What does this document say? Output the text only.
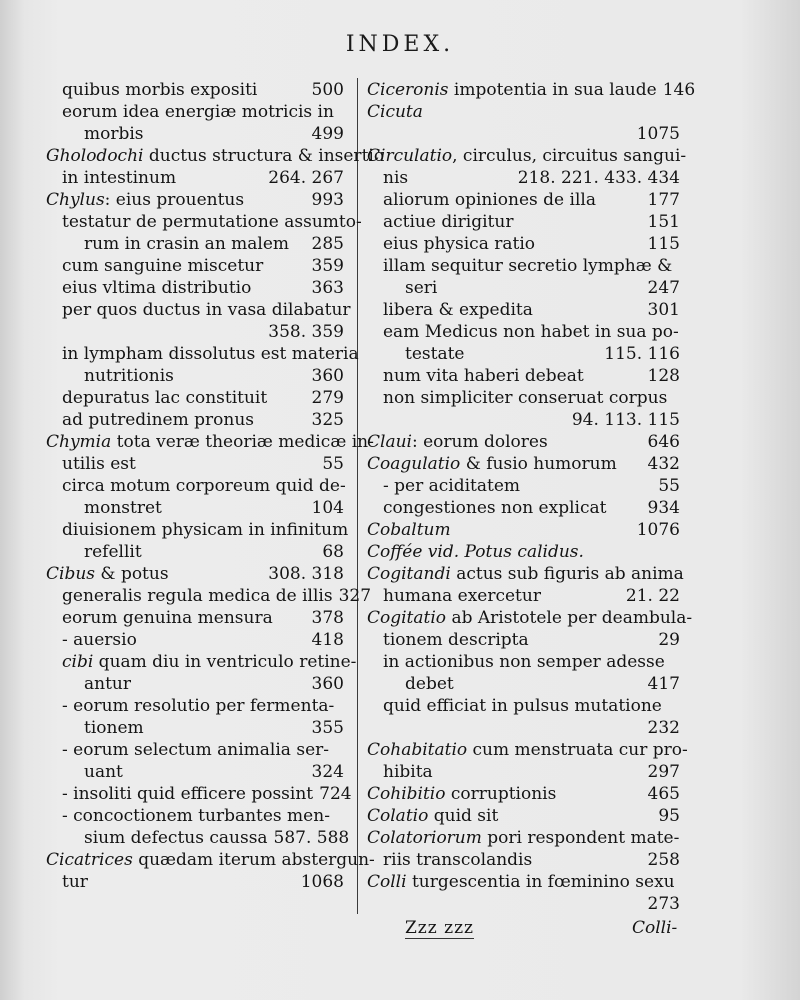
INDEX.
quibus morbis expositi	500
eorum idea energiæ motricis in
morbis	499
Gholodochi ductus structura & insertio
in intestinum	264. 267
Chylus: eius prouentus	993
testatur de permutatione assumto-
rum in crasin an malem	285
cum sanguine miscetur	359
eius vltima distributio	363
per quos ductus in vasa dilabatur
358. 359
in lympham dissolutus est materia
nutritionis	360
depuratus lac constituit	279
ad putredinem pronus	325
Chymia tota veræ theoriæ medicæ in-
utilis est	55
circa motum corporeum quid de-
monstret	104
diuisionem physicam in infinitum
refellit	68
Cibus & potus	308. 318
generalis regula medica de illis 327
eorum genuina mensura	378
- auersio	418
cibi quam diu in ventriculo retine-
antur	360
- eorum resolutio per fermenta-
tionem	355
- eorum selectum animalia ser-
uant	324
- insoliti quid efficere possint 724
- concoctionem turbantes men-
sium defectus caussa 587. 588
Cicatrices quædam iterum abstergun-
tur	1068
Ciceronis impotentia in sua laude 146
Cicuta
1075
Circulatio, circulus, circuitus sangui-
nis	218. 221. 433. 434
aliorum opiniones de illa	177
actiue dirigitur	151
eius physica ratio	115
illam sequitur secretio lymphæ &
seri	247
libera & expedita	301
eam Medicus non habet in sua po-
testate	115. 116
num vita haberi debeat	128
non simpliciter conseruat corpus
94. 113. 115
Claui: eorum dolores	646
Coagulatio & fusio humorum	432
- per aciditatem	55
congestiones non explicat	934
Cobaltum	1076
Coffée vid. Potus calidus.
Cogitandi actus sub figuris ab anima
humana exercetur	21. 22
Cogitatio ab Aristotele per deambula-
tionem descripta	29
in actionibus non semper adesse
debet	417
quid efficiat in pulsus mutatione
232
Cohabitatio cum menstruata cur pro-
hibita	297
Cohibitio corruptionis	465
Colatio quid sit	95
Colatoriorum pori respondent mate-
riis transcolandis	258
Colli turgescentia in fœminino sexu
273
Zzz zzz	Colli-
